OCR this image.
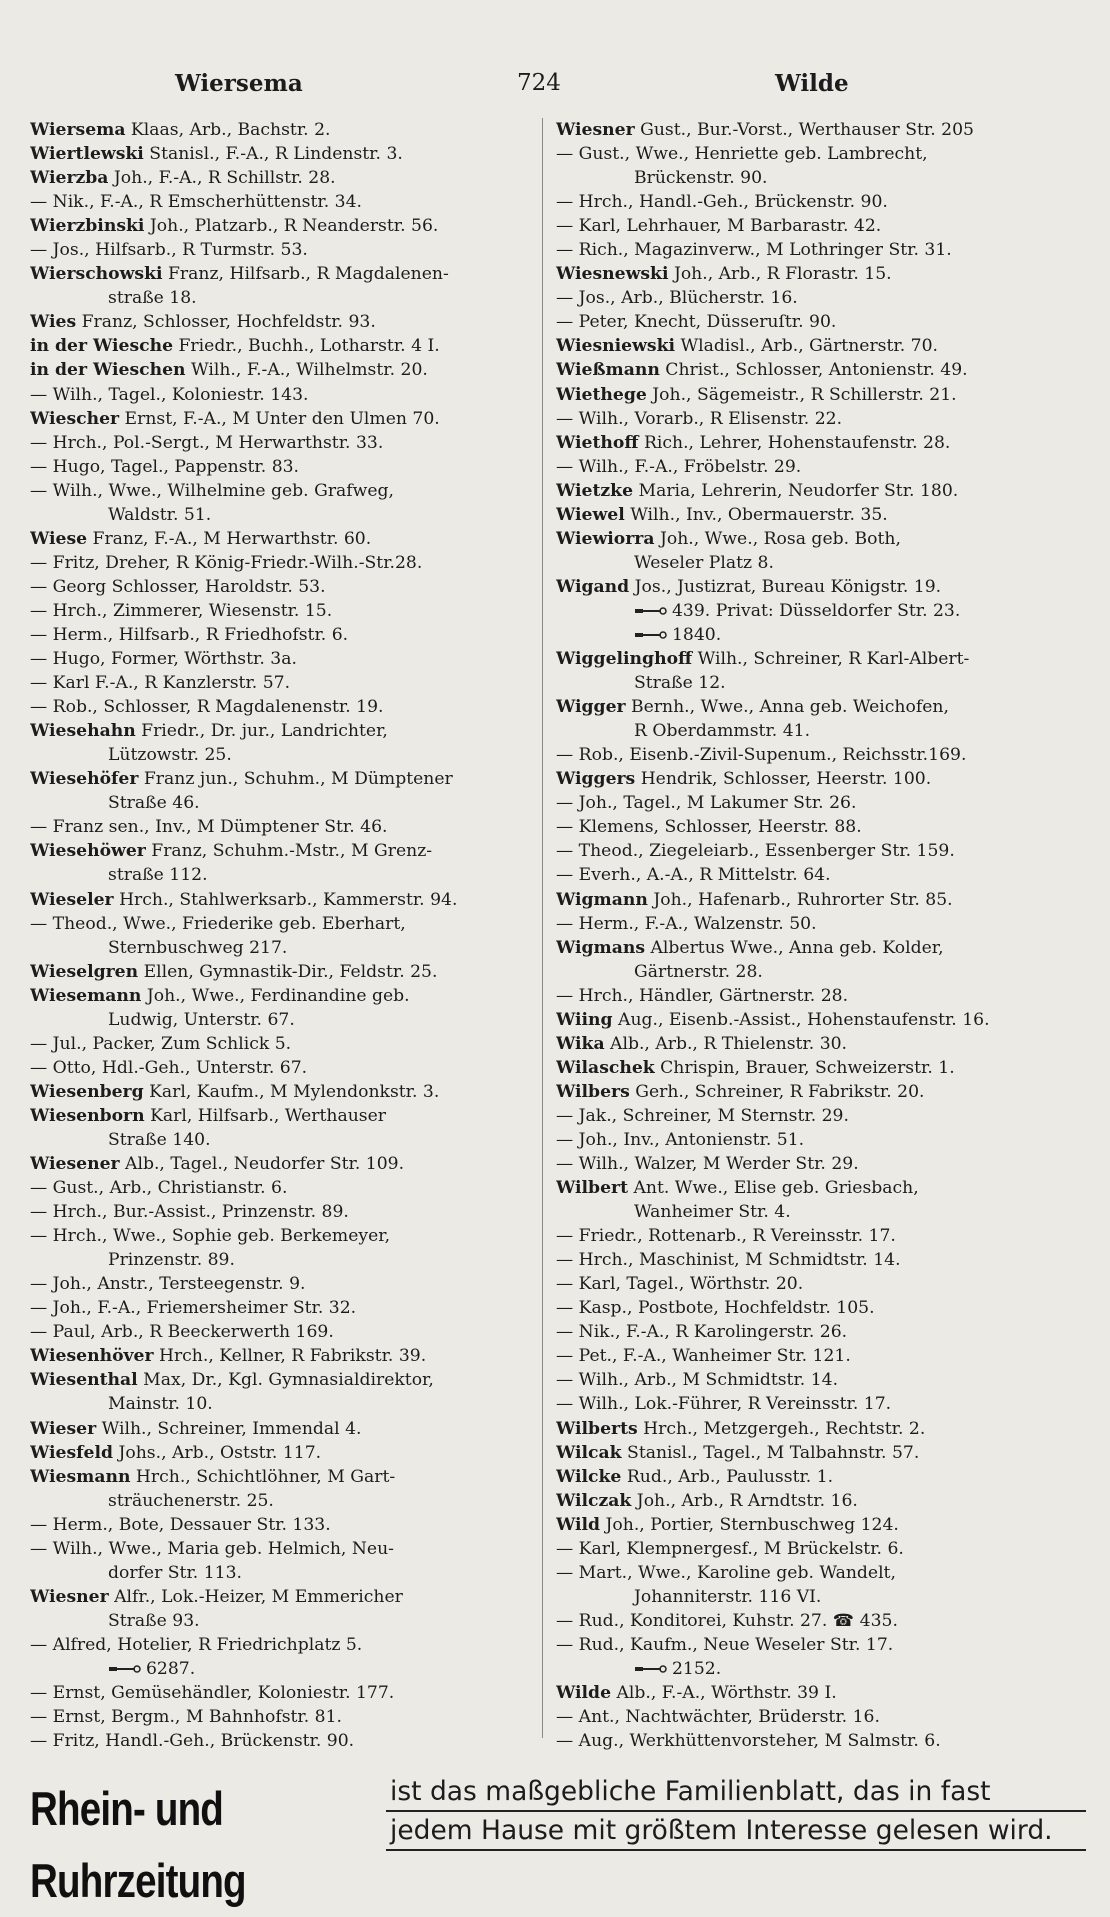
Wiersema	724	Wilde
Wiersema Klaas, Arb., Bachstr. 2.
Wiertlewski Stanisl., F.-A., R Lindenstr. 3.
Wierzba Joh., F.-A., R Schillstr. 28.
— Nik., F.-A., R Emscherhüttenstr. 34.
Wierzbinski Joh., Platzarb., R Neanderstr. 56.
— Jos., Hilfsarb., R Turmstr. 53.
Wierschowski Franz, Hilfsarb., R Magdalenen-
straße 18.
Wies Franz, Schlosser, Hochfeldstr. 93.
in der Wiesche Friedr., Buchh., Lotharstr. 4 I.
in der Wieschen Wilh., F.-A., Wilhelmstr. 20.
— Wilh., Tagel., Koloniestr. 143.
Wiescher Ernst, F.-A., M Unter den Ulmen 70.
— Hrch., Pol.-Sergt., M Herwarthstr. 33.
— Hugo, Tagel., Pappenstr. 83.
— Wilh., Wwe., Wilhelmine geb. Grafweg,
Waldstr. 51.
Wiese Franz, F.-A., M Herwarthstr. 60.
— Fritz, Dreher, R König-Friedr.-Wilh.-Str.28.
— Georg Schlosser, Haroldstr. 53.
— Hrch., Zimmerer, Wiesenstr. 15.
— Herm., Hilfsarb., R Friedhofstr. 6.
— Hugo, Former, Wörthstr. 3a.
— Karl F.-A., R Kanzlerstr. 57.
— Rob., Schlosser, R Magdalenenstr. 19.
Wiesehahn Friedr., Dr. jur., Landrichter,
Lützowstr. 25.
Wiesehöfer Franz jun., Schuhm., M Dümptener
Straße 46.
— Franz sen., Inv., M Dümptener Str. 46.
Wiesehöwer Franz, Schuhm.-Mstr., M Grenz-
straße 112.
Wieseler Hrch., Stahlwerksarb., Kammerstr. 94.
— Theod., Wwe., Friederike geb. Eberhart,
Sternbuschweg 217.
Wieselgren Ellen, Gymnastik-Dir., Feldstr. 25.
Wiesemann Joh., Wwe., Ferdinandine geb.
Ludwig, Unterstr. 67.
— Jul., Packer, Zum Schlick 5.
— Otto, Hdl.-Geh., Unterstr. 67.
Wiesenberg Karl, Kaufm., M Mylendonkstr. 3.
Wiesenborn Karl, Hilfsarb., Werthauser
Straße 140.
Wiesener Alb., Tagel., Neudorfer Str. 109.
— Gust., Arb., Christianstr. 6.
— Hrch., Bur.-Assist., Prinzenstr. 89.
— Hrch., Wwe., Sophie geb. Berkemeyer,
Prinzenstr. 89.
— Joh., Anstr., Tersteegenstr. 9.
— Joh., F.-A., Friemersheimer Str. 32.
— Paul, Arb., R Beeckerwerth 169.
Wiesenhöver Hrch., Kellner, R Fabrikstr. 39.
Wiesenthal Max, Dr., Kgl. Gymnasialdirektor,
Mainstr. 10.
Wieser Wilh., Schreiner, Immendal 4.
Wiesfeld Johs., Arb., Oststr. 117.
Wiesmann Hrch., Schichtlöhner, M Gart-
sträuchenerstr. 25.
— Herm., Bote, Dessauer Str. 133.
— Wilh., Wwe., Maria geb. Helmich, Neu-
dorfer Str. 113.
Wiesner Alfr., Lok.-Heizer, M Emmericher
Straße 93.
— Alfred, Hotelier, R Friedrichplatz 5.
6287.
— Ernst, Gemüsehändler, Koloniestr. 177.
— Ernst, Bergm., M Bahnhofstr. 81.
— Fritz, Handl.-Geh., Brückenstr. 90.
Wiesner Gust., Bur.-Vorst., Werthauser Str. 205
— Gust., Wwe., Henriette geb. Lambrecht,
Brückenstr. 90.
— Hrch., Handl.-Geh., Brückenstr. 90.
— Karl, Lehrhauer, M Barbarastr. 42.
— Rich., Magazinverw., M Lothringer Str. 31.
Wiesnewski Joh., Arb., R Florastr. 15.
— Jos., Arb., Blücherstr. 16.
— Peter, Knecht, Düsseruſtr. 90.
Wiesniewski Wladisl., Arb., Gärtnerstr. 70.
Wießmann Christ., Schlosser, Antonienstr. 49.
Wiethege Joh., Sägemeistr., R Schillerstr. 21.
— Wilh., Vorarb., R Elisenstr. 22.
Wiethoff Rich., Lehrer, Hohenstaufenstr. 28.
— Wilh., F.-A., Fröbelstr. 29.
Wietzke Maria, Lehrerin, Neudorfer Str. 180.
Wiewel Wilh., Inv., Obermauerstr. 35.
Wiewiorra Joh., Wwe., Rosa geb. Both,
Weseler Platz 8.
Wigand Jos., Justizrat, Bureau Königstr. 19.
439. Privat: Düsseldorfer Str. 23.
1840.
Wiggelinghoff Wilh., Schreiner, R Karl-Albert-
Straße 12.
Wigger Bernh., Wwe., Anna geb. Weichofen,
R Oberdammstr. 41.
— Rob., Eisenb.-Zivil-Supenum., Reichsstr.169.
Wiggers Hendrik, Schlosser, Heerstr. 100.
— Joh., Tagel., M Lakumer Str. 26.
— Klemens, Schlosser, Heerstr. 88.
— Theod., Ziegeleiarb., Essenberger Str. 159.
— Everh., A.-A., R Mittelstr. 64.
Wigmann Joh., Hafenarb., Ruhrorter Str. 85.
— Herm., F.-A., Walzenstr. 50.
Wigmans Albertus Wwe., Anna geb. Kolder,
Gärtnerstr. 28.
— Hrch., Händler, Gärtnerstr. 28.
Wiing Aug., Eisenb.-Assist., Hohenstaufenstr. 16.
Wika Alb., Arb., R Thielenstr. 30.
Wilaschek Chrispin, Brauer, Schweizerstr. 1.
Wilbers Gerh., Schreiner, R Fabrikstr. 20.
— Jak., Schreiner, M Sternstr. 29.
— Joh., Inv., Antonienstr. 51.
— Wilh., Walzer, M Werder Str. 29.
Wilbert Ant. Wwe., Elise geb. Griesbach,
Wanheimer Str. 4.
— Friedr., Rottenarb., R Vereinsstr. 17.
— Hrch., Maschinist, M Schmidtstr. 14.
— Karl, Tagel., Wörthstr. 20.
— Kasp., Postbote, Hochfeldstr. 105.
— Nik., F.-A., R Karolingerstr. 26.
— Pet., F.-A., Wanheimer Str. 121.
— Wilh., Arb., M Schmidtstr. 14.
— Wilh., Lok.-Führer, R Vereinsstr. 17.
Wilberts Hrch., Metzgergeh., Rechtstr. 2.
Wilcak Stanisl., Tagel., M Talbahnstr. 57.
Wilcke Rud., Arb., Paulusstr. 1.
Wilczak Joh., Arb., R Arndtstr. 16.
Wild Joh., Portier, Sternbuschweg 124.
— Karl, Klempnergesf., M Brückelstr. 6.
— Mart., Wwe., Karoline geb. Wandelt,
Johanniterstr. 116 VI.
— Rud., Konditorei, Kuhstr. 27. ☎ 435.
— Rud., Kaufm., Neue Weseler Str. 17.
2152.
Wilde Alb., F.-A., Wörthstr. 39 I.
— Ant., Nachtwächter, Brüderstr. 16.
— Aug., Werkhüttenvorsteher, M Salmstr. 6.
Rhein- und Ruhrzeitung
ist das maßgebliche Familienblatt, das in fast
jedem Hause mit größtem Interesse gelesen wird.
